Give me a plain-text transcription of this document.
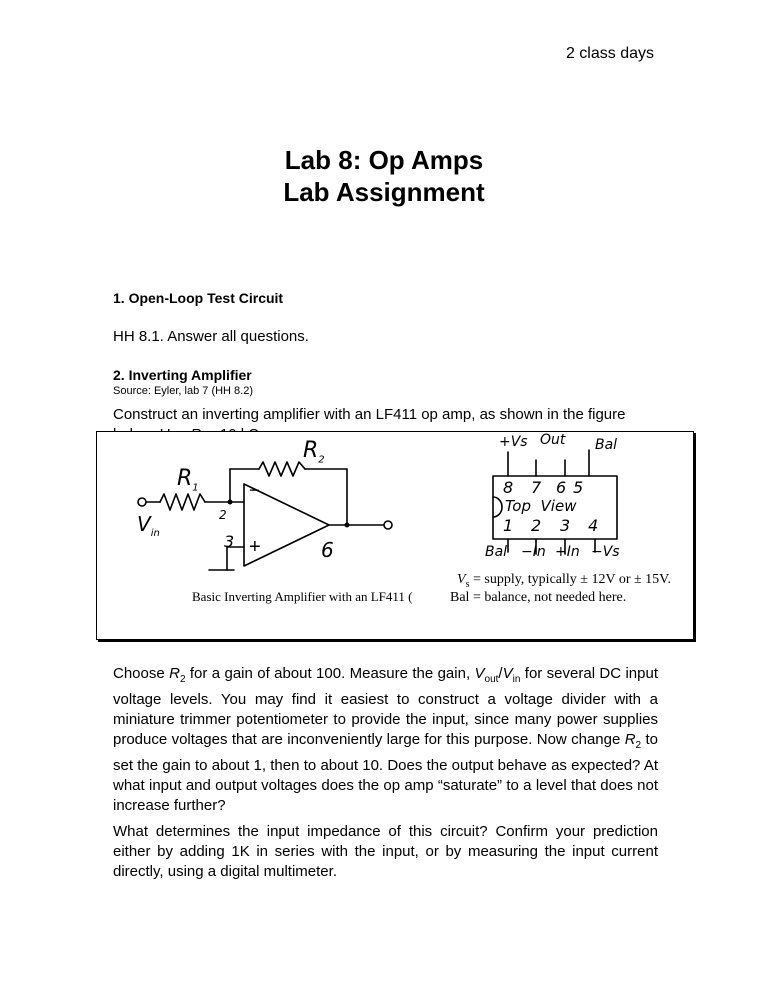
2 class days
Lab 8: Op Amps
Lab Assignment
1. Open-Loop Test Circuit
HH 8.1. Answer all questions.
2. Inverting Amplifier
Source: Eyler, lab 7 (HH 8.2)
Construct an inverting amplifier with an LF411 op amp, as shown in the figure
$R_2$
$R_1$
$V_{in}$
−
+
2
3	6
+Vs Out Bal
8 7 6 5
Top  View
1 2 3 4
Bal −In +In −Vs
Basic Inverting Amplifier with an LF411 (
$V_s$ = supply, typically ± 12V or ± 15V.
Bal = balance, not needed here.
Choose $R_2$ for a gain of about 100. Measure the gain, $V_{out}/V_{in}$ for several DC input voltage levels. You may find it easiest to construct a voltage divider with a miniature trimmer potentiometer to provide the input, since many power supplies produce voltages that are inconveniently large for this purpose. Now change $R_2$ to set the gain to about 1, then to about 10. Does the output behave as expected? At what input and output voltages does the op amp “saturate” to a level that does not increase further?
What determines the input impedance of this circuit? Confirm your prediction either by adding 1K in series with the input, or by measuring the input current directly, using a digital multimeter.
